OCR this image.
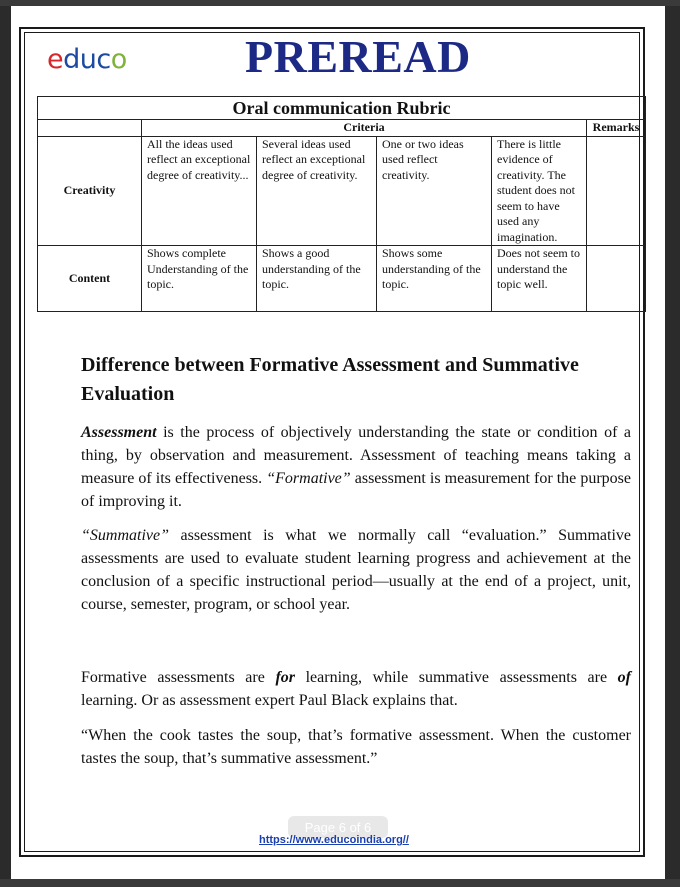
educo	PREREAD
Oral communication Rubric					
	Criteria				Remarks
Creativity	All the ideas used reflect an exceptional degree of creativity...	Several ideas used reflect an exceptional degree of creativity.	One or two ideas used reflect creativity.	There is little evidence of creativity. The student does not seem to have used any imagination.	
Content	Shows complete Understanding of the topic.	Shows a good understanding of the topic.	Shows some understanding of the topic.	Does not seem to understand the topic well.	
Difference between Formative Assessment and Summative Evaluation

Assessment is the process of objectively understanding the state or condition of a thing, by observation and measurement. Assessment of teaching means taking a measure of its effectiveness. “Formative” assessment is measurement for the purpose of improving it.

“Summative” assessment is what we normally call “evaluation.” Summative assessments are used to evaluate student learning progress and achievement at the conclusion of a specific instructional period—usually at the end of a project, unit, course, semester, program, or school year.

Formative assessments are for learning, while summative assessments are of learning. Or as assessment expert Paul Black explains that.

“When the cook tastes the soup, that’s formative assessment. When the customer tastes the soup, that’s summative assessment.”

Page 6 of 6
https://www.educoindia.org//
